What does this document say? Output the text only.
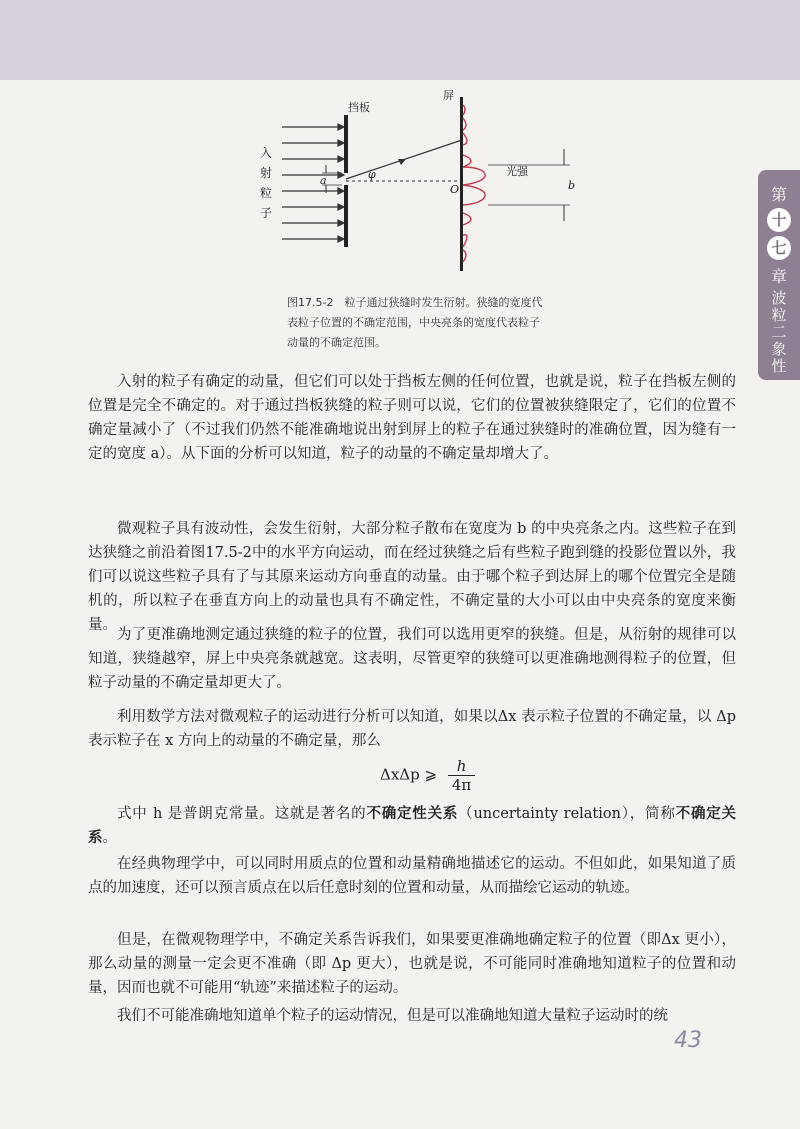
挡板
屏
入
射
粒
子
a	φ
O
光强
b
图17.5-2　粒子通过狭缝时发生衍射。狭缝的宽度代
表粒子位置的不确定范围，中央亮条的宽度代表粒子
动量的不确定范围。
第
十
七
章
波
粒
二
象
性
入射的粒子有确定的动量，但它们可以处于挡板左侧的任何位置，也就是说，粒子在挡板左侧的位置是完全不确定的。对于通过挡板狭缝的粒子则可以说，它们的位置被狭缝限定了，它们的位置不确定量减小了（不过我们仍然不能准确地说出射到屏上的粒子在通过狭缝时的准确位置，因为缝有一定的宽度 a）。从下面的分析可以知道，粒子的动量的不确定量却增大了。
微观粒子具有波动性，会发生衍射，大部分粒子散布在宽度为 b 的中央亮条之内。这些粒子在到达狭缝之前沿着图17.5-2中的水平方向运动，而在经过狭缝之后有些粒子跑到缝的投影位置以外，我们可以说这些粒子具有了与其原来运动方向垂直的动量。由于哪个粒子到达屏上的哪个位置完全是随机的，所以粒子在垂直方向上的动量也具有不确定性，不确定量的大小可以由中央亮条的宽度来衡量。
为了更准确地测定通过狭缝的粒子的位置，我们可以选用更窄的狭缝。但是，从衍射的规律可以知道，狭缝越窄，屏上中央亮条就越宽。这表明，尽管更窄的狭缝可以更准确地测得粒子的位置，但粒子动量的不确定量却更大了。
利用数学方法对微观粒子的运动进行分析可以知道，如果以Δx 表示粒子位置的不确定量，以 Δp 表示粒子在 x 方向上的动量的不确定量，那么
ΔxΔp ⩾ $\frac{h}{4\pi}$
式中 h 是普朗克常量。这就是著名的不确定性关系（uncertainty relation），简称不确定关系。
在经典物理学中，可以同时用质点的位置和动量精确地描述它的运动。不但如此，如果知道了质点的加速度，还可以预言质点在以后任意时刻的位置和动量，从而描绘它运动的轨迹。
但是，在微观物理学中，不确定关系告诉我们，如果要更准确地确定粒子的位置（即Δx 更小），那么动量的测量一定会更不准确（即 Δp 更大），也就是说，不可能同时准确地知道粒子的位置和动量，因而也就不可能用“轨迹”来描述粒子的运动。
我们不可能准确地知道单个粒子的运动情况，但是可以准确地知道大量粒子运动时的统
43
